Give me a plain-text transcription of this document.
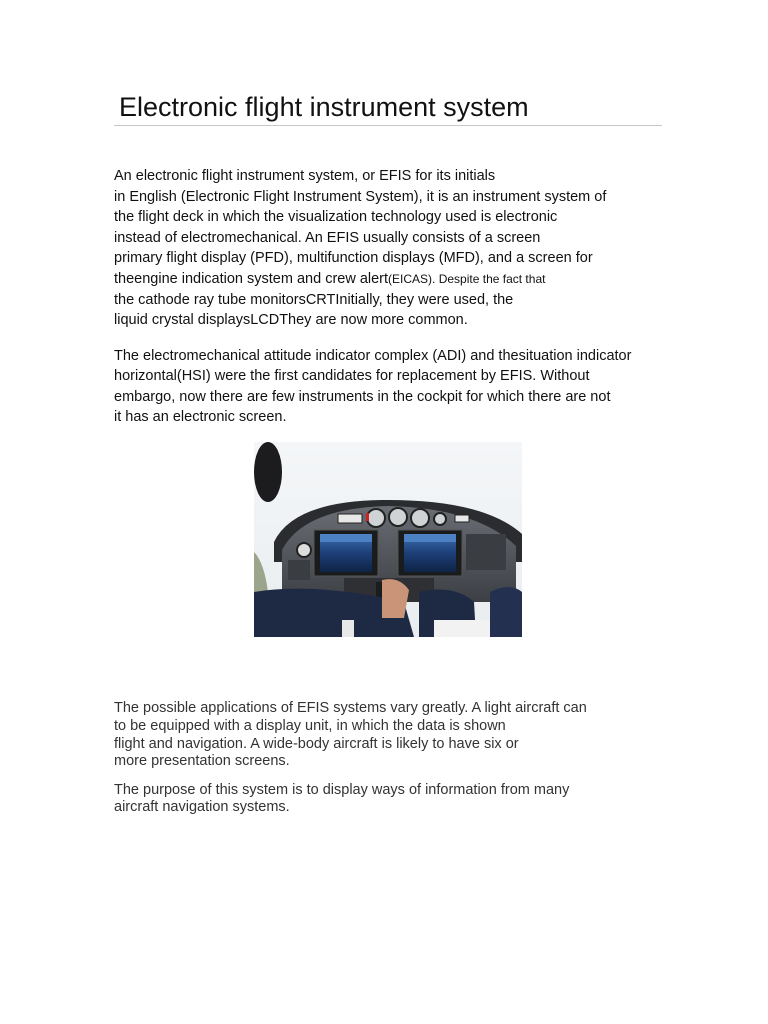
Electronic flight instrument system

An electronic flight instrument system, or EFIS for its initials
in English (Electronic Flight Instrument System), it is an instrument system of
the flight deck in which the visualization technology used is electronic
instead of electromechanical. An EFIS usually consists of a screen
primary flight display (PFD), multifunction displays (MFD), and a screen for
theengine indication system and crew alert(EICAS). Despite the fact that
the cathode ray tube monitorsCRTInitially, they were used, the
liquid crystal displaysLCDThey are now more common.

The electromechanical attitude indicator complex (ADI) and thesituation indicator
horizontal(HSI) were the first candidates for replacement by EFIS. Without
embargo, now there are few instruments in the cockpit for which there are not
it has an electronic screen.

The possible applications of EFIS systems vary greatly. A light aircraft can
to be equipped with a display unit, in which the data is shown
flight and navigation. A wide-body aircraft is likely to have six or
more presentation screens.

The purpose of this system is to display ways of information from many
aircraft navigation systems.
